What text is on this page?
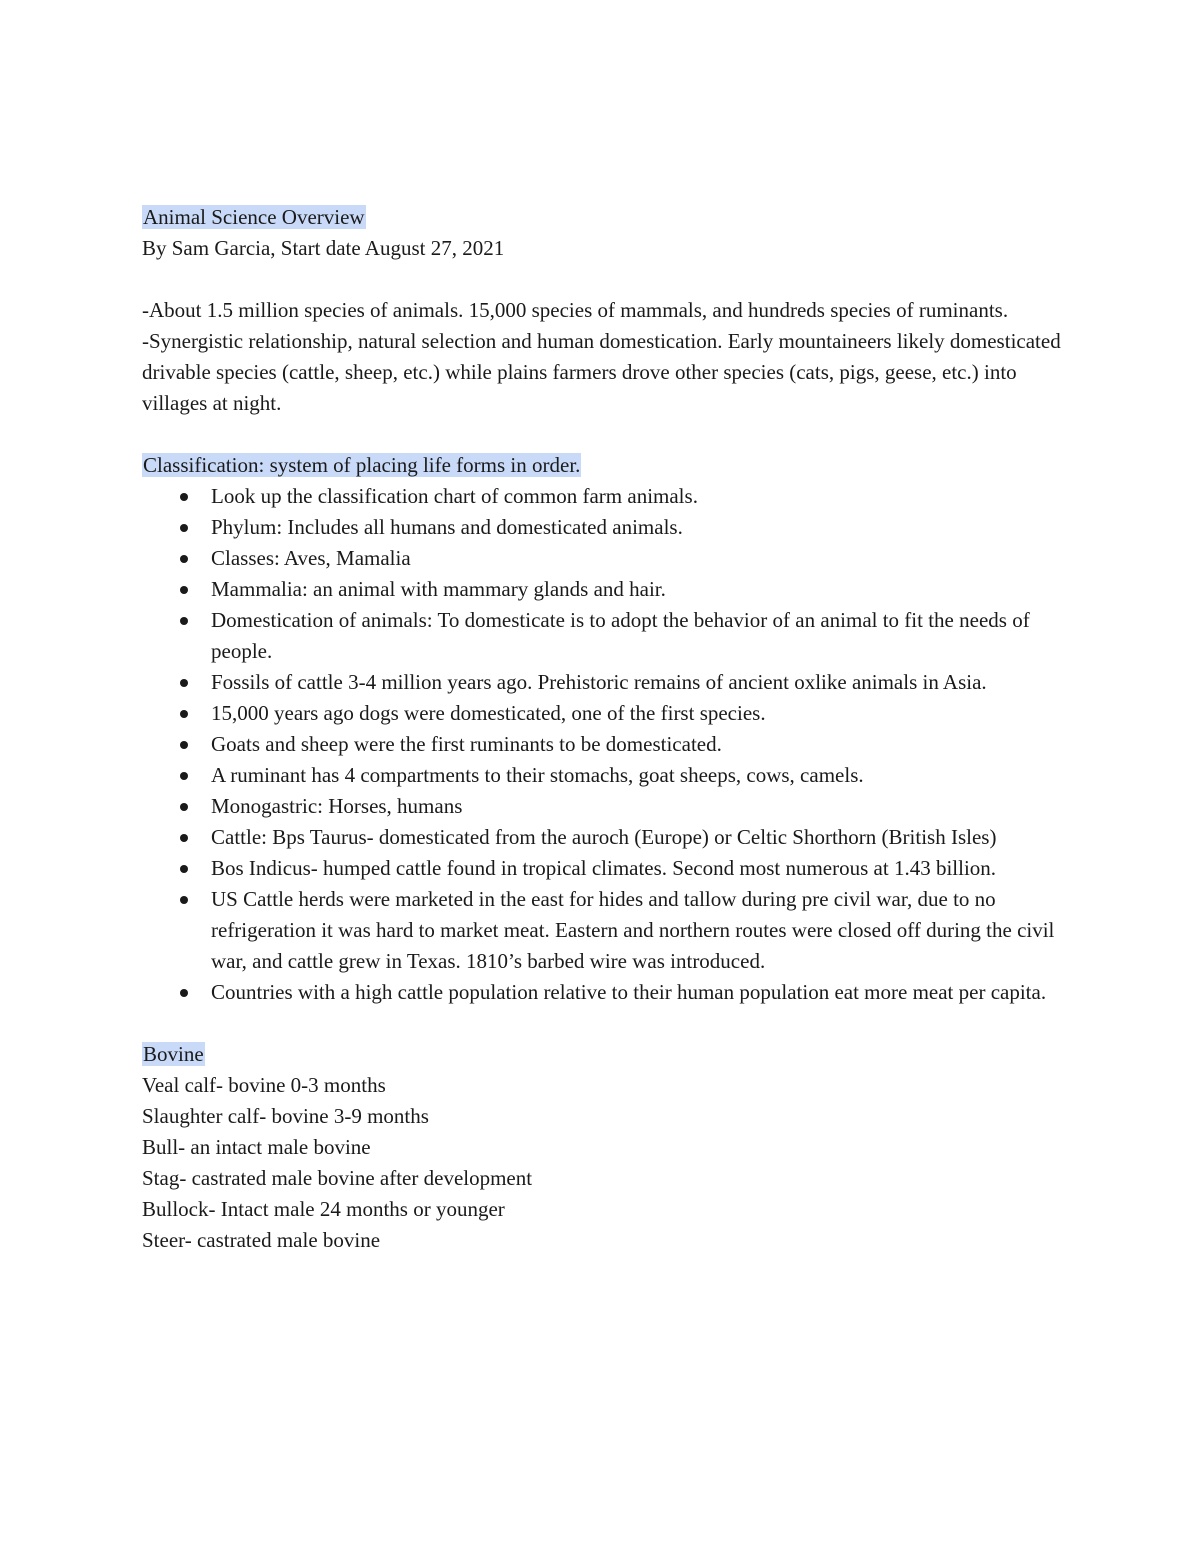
Animal Science Overview
By Sam Garcia, Start date August 27, 2021
-About 1.5 million species of animals. 15,000 species of mammals, and hundreds species of ruminants.
-Synergistic relationship, natural selection and human domestication. Early mountaineers likely domesticated drivable species (cattle, sheep, etc.) while plains farmers drove other species (cats, pigs, geese, etc.) into villages at night.
Classification: system of placing life forms in order.
Look up the classification chart of common farm animals.
Phylum: Includes all humans and domesticated animals.
Classes: Aves, Mamalia
Mammalia: an animal with mammary glands and hair.
Domestication of animals: To domesticate is to adopt the behavior of an animal to fit the needs of people.
Fossils of cattle 3-4 million years ago. Prehistoric remains of ancient oxlike animals in Asia.
15,000 years ago dogs were domesticated, one of the first species.
Goats and sheep were the first ruminants to be domesticated.
A ruminant has 4 compartments to their stomachs, goat sheeps, cows, camels.
Monogastric: Horses, humans
Cattle: Bps Taurus- domesticated from the auroch (Europe) or Celtic Shorthorn (British Isles)
Bos Indicus- humped cattle found in tropical climates. Second most numerous at 1.43 billion.
US Cattle herds were marketed in the east for hides and tallow during pre civil war, due to no refrigeration it was hard to market meat. Eastern and northern routes were closed off during the civil war, and cattle grew in Texas. 1810’s barbed wire was introduced.
Countries with a high cattle population relative to their human population eat more meat per capita.
Bovine
Veal calf- bovine 0-3 months
Slaughter calf- bovine 3-9 months
Bull- an intact male bovine
Stag- castrated male bovine after development
Bullock- Intact male 24 months or younger
Steer- castrated male bovine
